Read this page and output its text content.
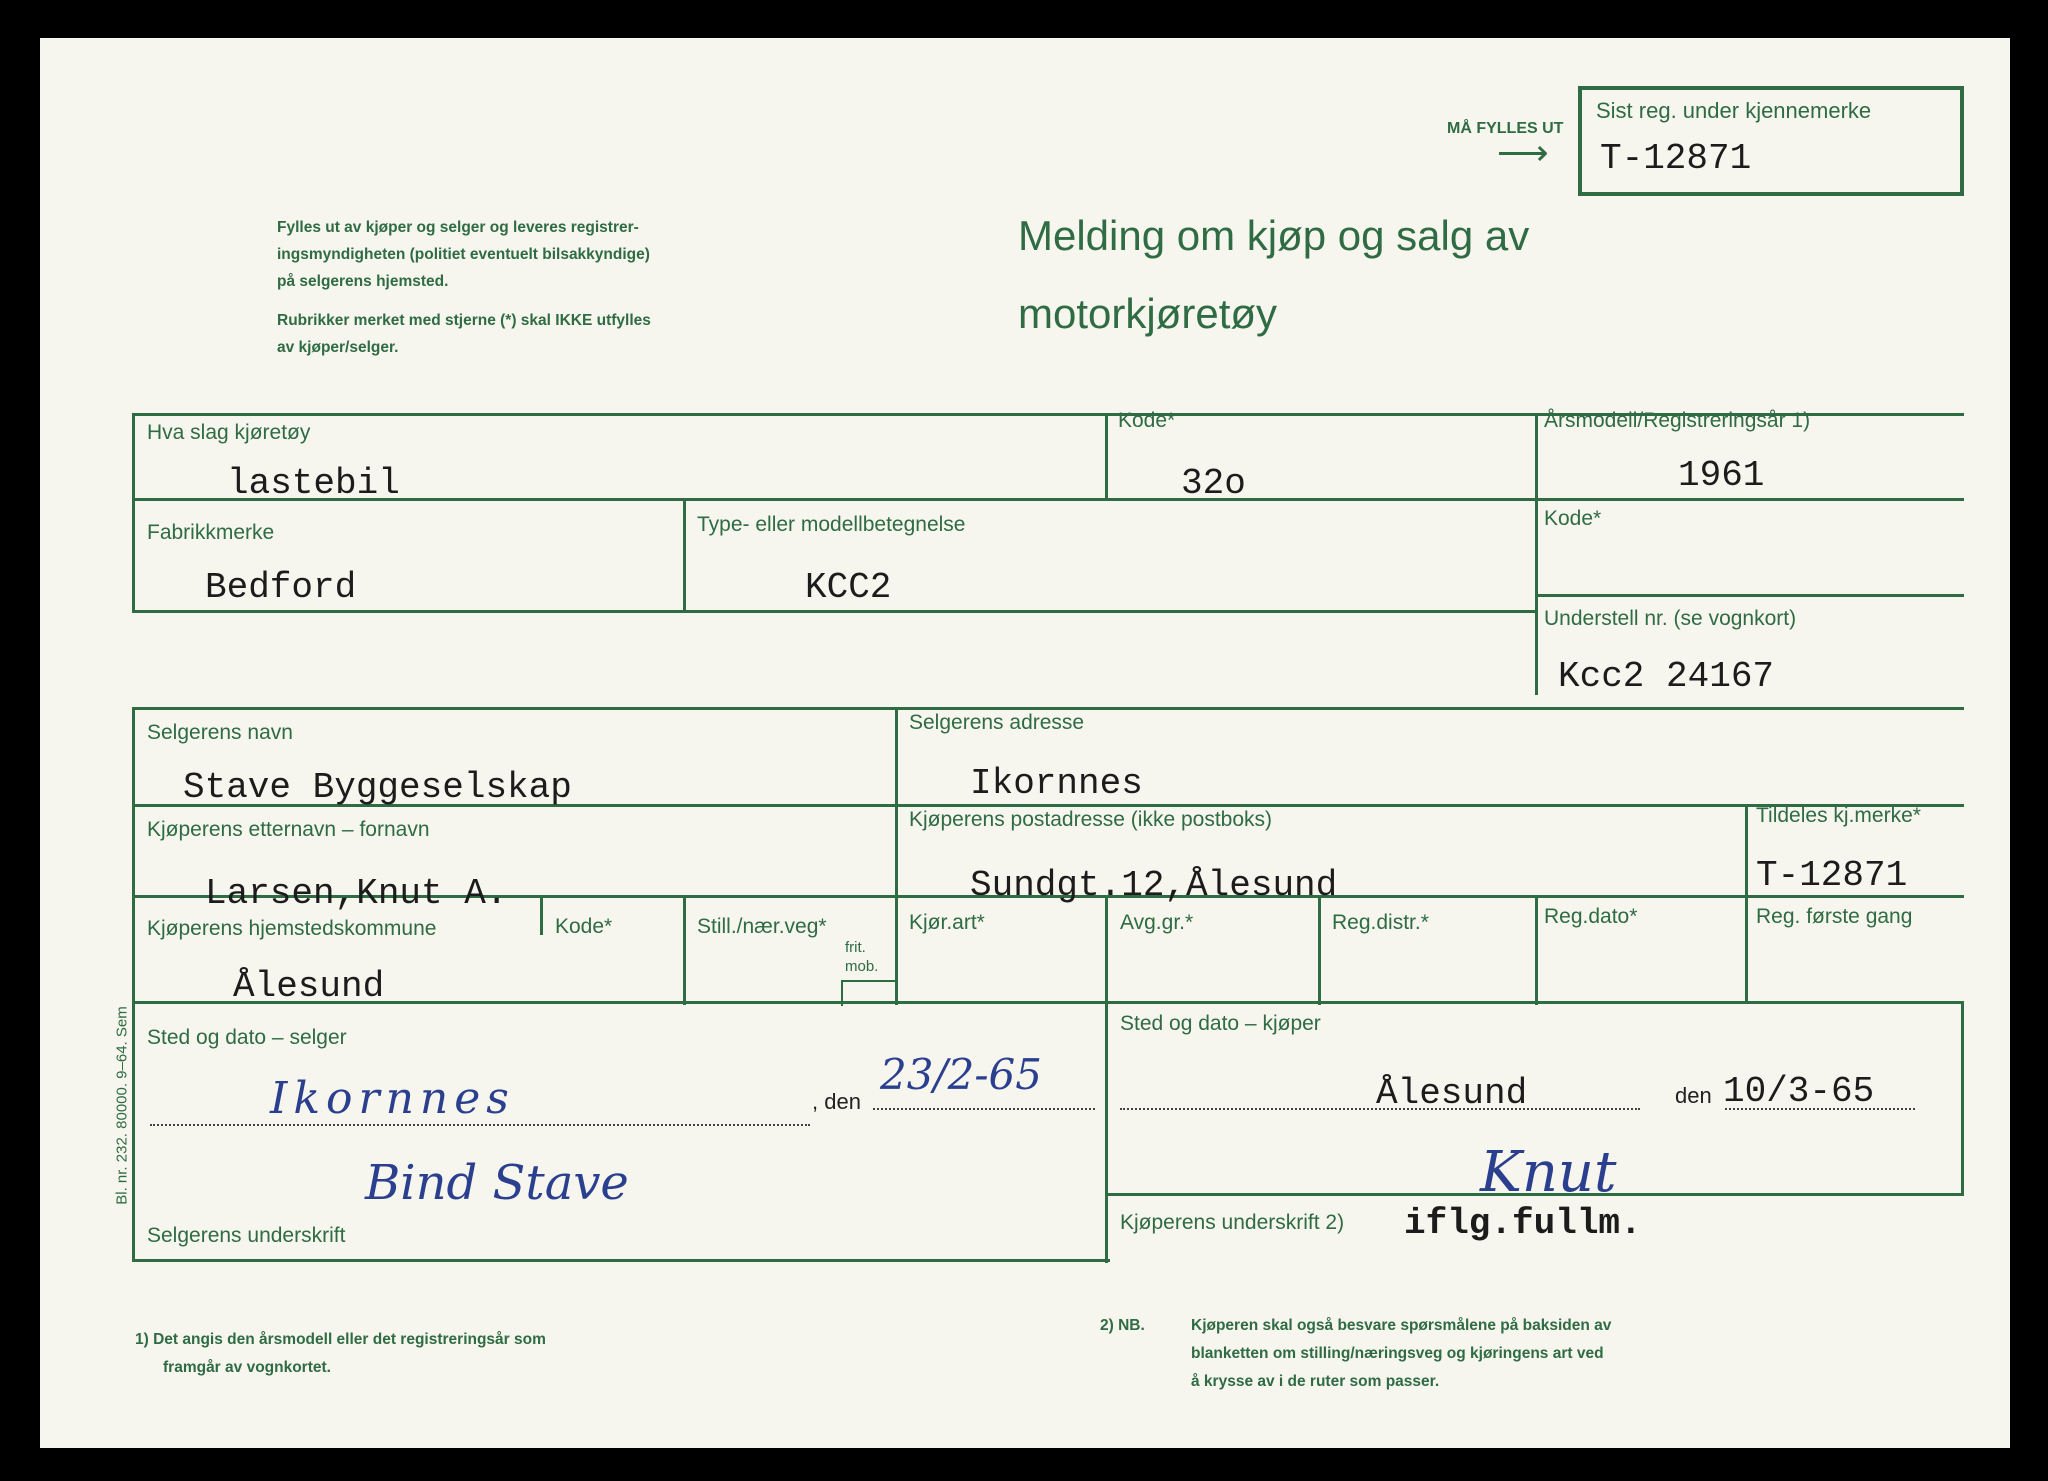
MÅ FYLLES UT
⟶
Sist reg. under kjennemerke
T-12871
Fylles ut av kjøper og selger og leveres registrer-
ingsmyndigheten (politiet eventuelt bilsakkyndige)
på selgerens hjemsted.
Rubrikker merket med stjerne (*) skal IKKE utfylles
av kjøper/selger.
Melding om kjøp og salg av
motorkjøretøy
Hva slag kjøretøy
lastebil
Kode*
32o
Årsmodell/Registreringsår 1)
1961
Fabrikkmerke
Bedford
Type- eller modellbetegnelse
KCC2
Kode*
Understell nr. (se vognkort)
Kcc2 24167
Selgerens navn
Stave Byggeselskap
Selgerens adresse
Ikornnes
Kjøperens etternavn – fornavn
Larsen,Knut A.
Kjøperens postadresse (ikke postboks)
Sundgt.12,Ålesund
Tildeles kj.merke*
T-12871
Kjøperens hjemstedskommune
Ålesund
Kode*	Still./nær.veg*
frit.
mob.
Kjør.art*	Avg.gr.*	Reg.distr.*	Reg.dato*	Reg. første gang
Sted og dato – selger
Ikornnes	, den
23/2-65
Bind Stave
Selgerens underskrift
Sted og dato – kjøper
Ålesund	den 10/3-65
Knut
Kjøperens underskrift 2) iflg.fullm.
Bl. nr. 232. 80000. 9–64. Sem
1) Det angis den årsmodell eller det registreringsår som
framgår av vognkortet.
2) NB.	Kjøperen skal også besvare spørsmålene på baksiden av
blanketten om stilling/næringsveg og kjøringens art ved
å krysse av i de ruter som passer.
